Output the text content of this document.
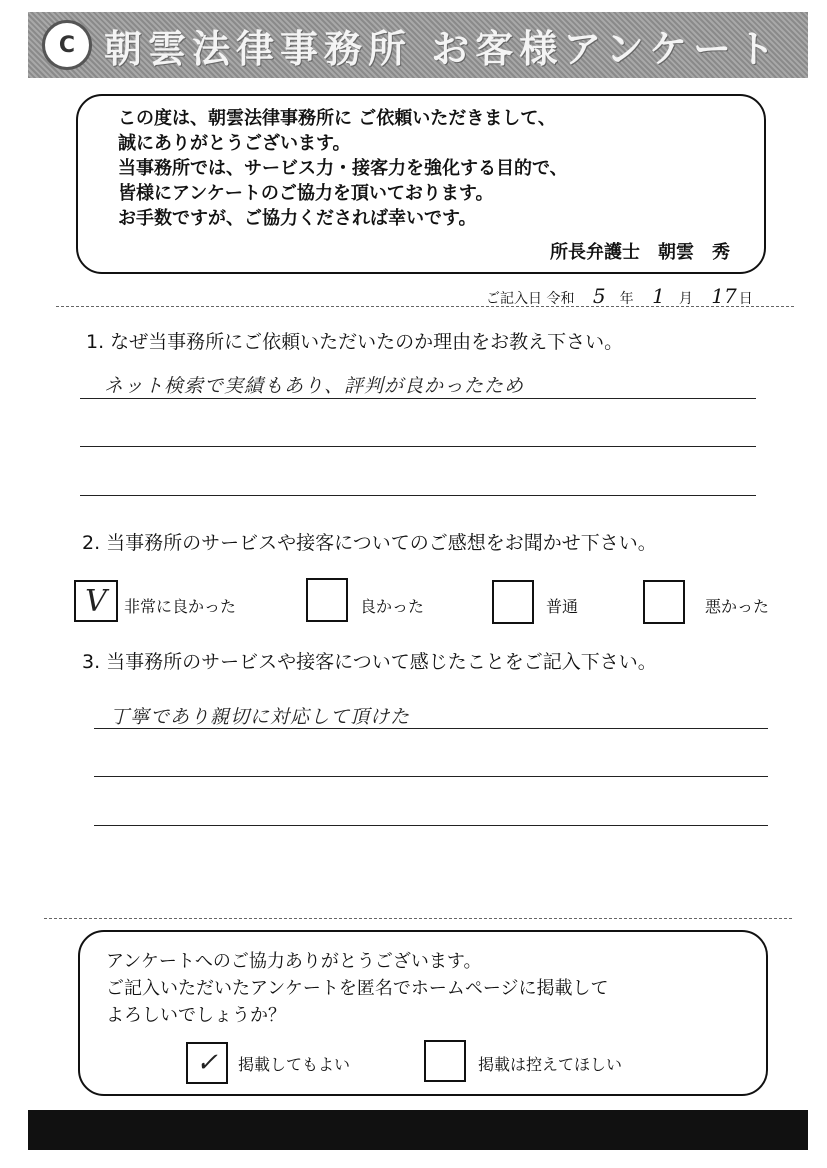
C 朝雲法律事務所 お客様アンケート

この度は、朝雲法律事務所に ご依頼いただきまして、

誠にありがとうございます。

当事務所では、サービス力・接客力を強化する目的で、

皆様にアンケートのご協力を頂いております。

お手数ですが、ご協力くだされば幸いです。

所長弁護士　朝雲　秀
ご記入日 令和 5 年 1 月 17 日
1. なぜ当事務所にご依頼いただいたのか理由をお教え下さい。
ネット検索で実績もあり、評判が良かったため
2. 当事務所のサービスや接客についてのご感想をお聞かせ下さい。
V	非常に良かった	良かった	普通	悪かった
3. 当事務所のサービスや接客について感じたことをご記入下さい。
丁寧であり親切に対応して頂けた

アンケートへのご協力ありがとうございます。

ご記入いただいたアンケートを匿名でホームページに掲載して

よろしいでしょうか？

✓	掲載してもよい	掲載は控えてほしい
